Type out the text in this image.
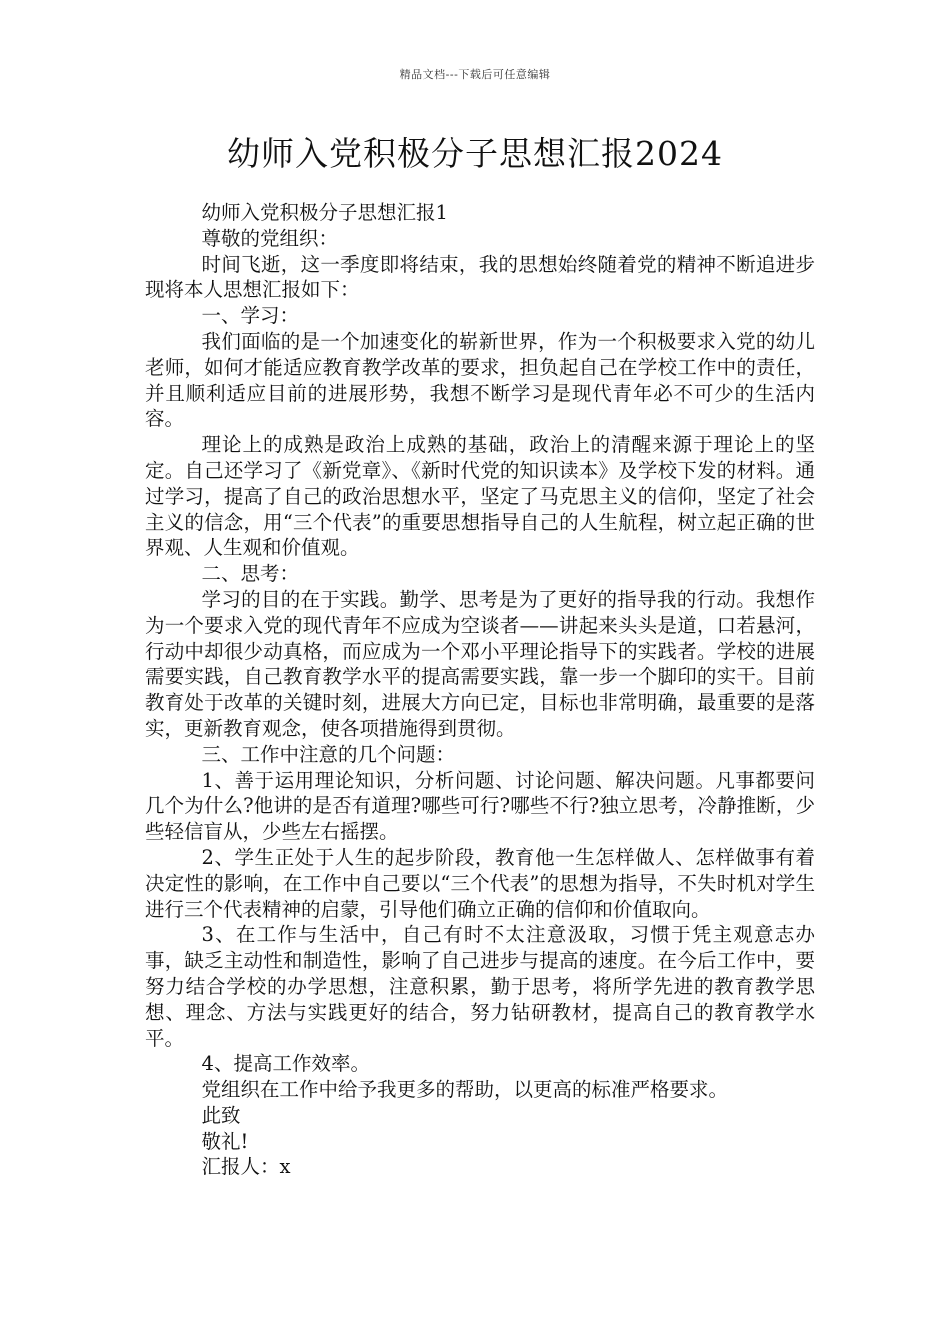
精品文档---下载后可任意编辑
幼师入党积极分子思想汇报2024

幼师入党积极分子思想汇报1

尊敬的党组织：

时间飞逝，这一季度即将结束，我的思想始终随着党的精神不断追进步现将本人思想汇报如下：

一、学习：

我们面临的是一个加速变化的崭新世界，作为一个积极要求入党的幼儿老师，如何才能适应教育教学改革的要求，担负起自己在学校工作中的责任，并且顺利适应目前的进展形势，我想不断学习是现代青年必不可少的生活内容。

理论上的成熟是政治上成熟的基础，政治上的清醒来源于理论上的坚定。自己还学习了《新党章》、《新时代党的知识读本》及学校下发的材料。通过学习，提高了自己的政治思想水平，坚定了马克思主义的信仰，坚定了社会主义的信念，用“三个代表”的重要思想指导自己的人生航程，树立起正确的世界观、人生观和价值观。

二、思考：

学习的目的在于实践。勤学、思考是为了更好的指导我的行动。我想作为一个要求入党的现代青年不应成为空谈者——讲起来头头是道，口若悬河，行动中却很少动真格，而应成为一个邓小平理论指导下的实践者。学校的进展需要实践，自己教育教学水平的提高需要实践，靠一步一个脚印的实干。目前教育处于改革的关键时刻，进展大方向已定，目标也非常明确，最重要的是落实，更新教育观念，使各项措施得到贯彻。

三、工作中注意的几个问题：

1、善于运用理论知识，分析问题、讨论问题、解决问题。凡事都要问几个为什么?他讲的是否有道理?哪些可行?哪些不行?独立思考，冷静推断，少些轻信盲从，少些左右摇摆。

2、学生正处于人生的起步阶段，教育他一生怎样做人、怎样做事有着决定性的影响，在工作中自己要以“三个代表”的思想为指导，不失时机对学生进行三个代表精神的启蒙，引导他们确立正确的信仰和价值取向。

3、在工作与生活中，自己有时不太注意汲取，习惯于凭主观意志办事，缺乏主动性和制造性，影响了自己进步与提高的速度。在今后工作中，要努力结合学校的办学思想，注意积累，勤于思考，将所学先进的教育教学思想、理念、方法与实践更好的结合，努力钻研教材，提高自己的教育教学水平。

4、提高工作效率。

党组织在工作中给予我更多的帮助，以更高的标准严格要求。

此致

敬礼!

汇报人：x
